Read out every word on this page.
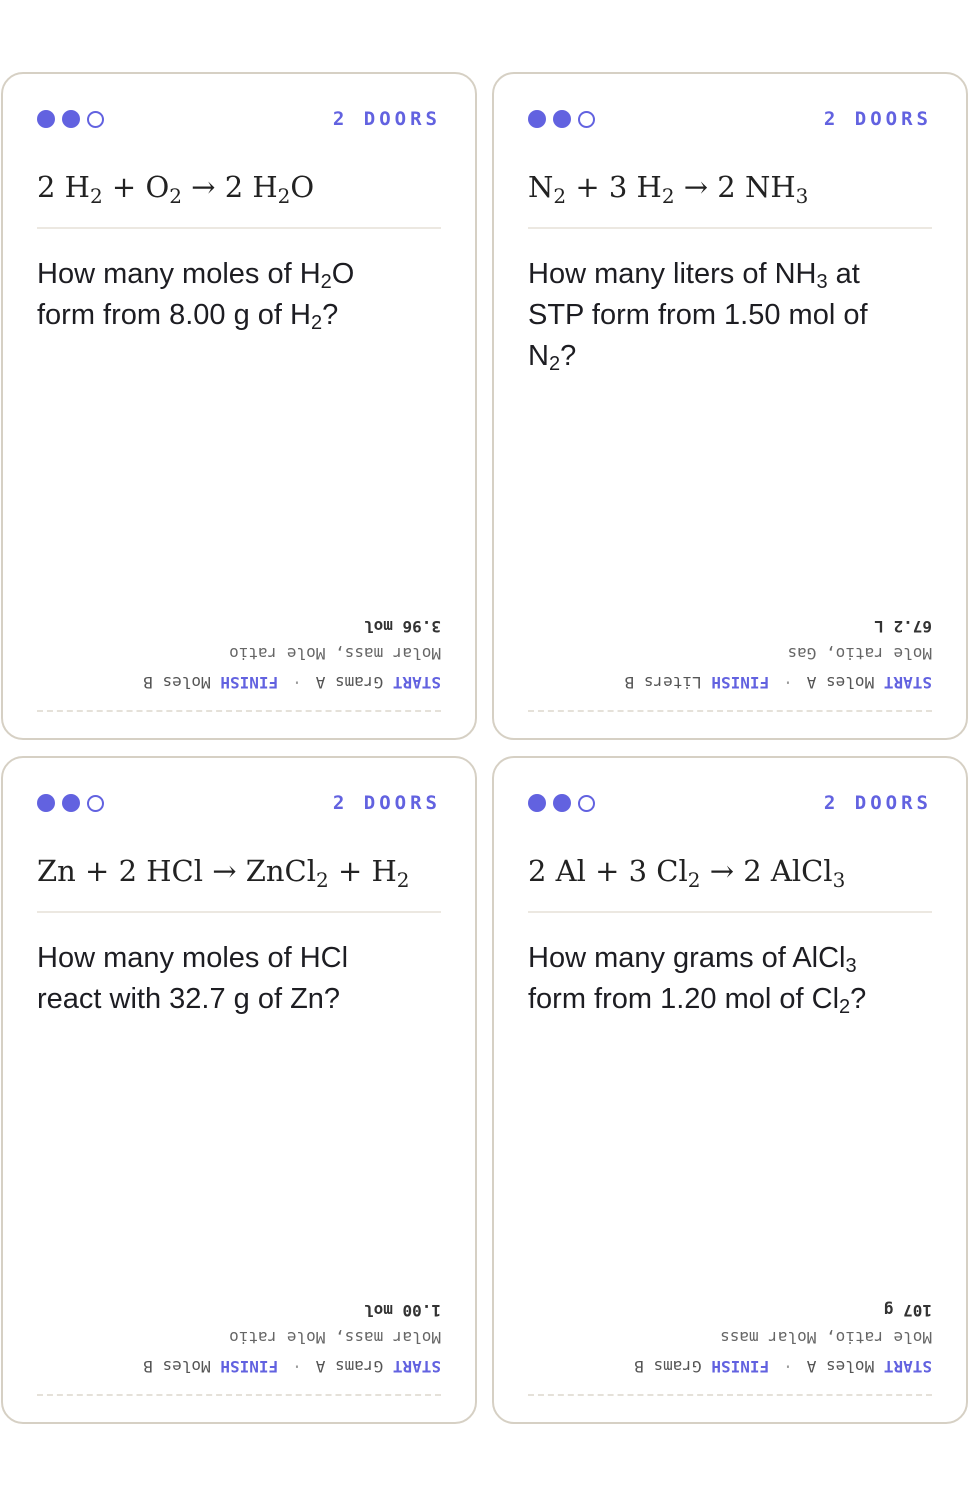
2 DOORS
2 $H_2 + O_2 \to 2$ $H_2O$
How many moles of $H_2O$ form from 8.00 g of $H_2$?
START Grams A·FINISH Moles B
Molar mass, Mole ratio
3.96 mol
2 DOORS
$N_2 + 3$ $H_2 \to 2$ $NH_3$
How many liters of $NH_3$ at STP form from 1.50 mol of $N_2$?
START Moles A·FINISH Liters B
Mole ratio, Gas
67.2 L
2 DOORS
Zn + 2 HCl → ZnCl$_2$ + $H_2$
How many moles of HCl react with 32.7 g of Zn?
START Grams A·FINISH Moles B
Molar mass, Mole ratio
1.00 mol
2 DOORS
2 Al + 3 $Cl_2 \to 2$ AlCl$_3$
How many grams of AlCl$_3$ form from 1.20 mol of $Cl_2$?
START Moles A·FINISH Grams B
Mole ratio, Molar mass
107 g
